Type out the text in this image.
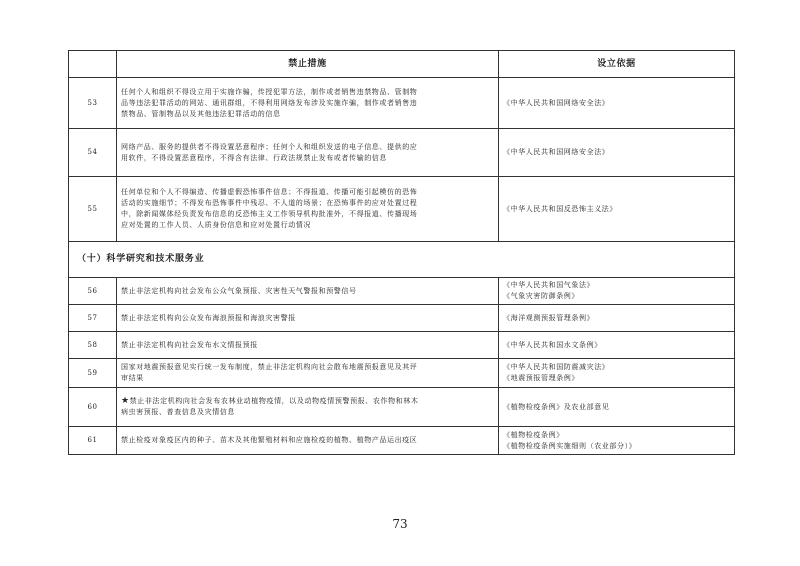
	禁止措施	设立依据
53	任何个人和组织不得设立用于实施诈骗，传授犯罪方法，制作或者销售违禁物品、管制物
品等违法犯罪活动的网站、通讯群组，不得利用网络发布涉及实施诈骗，制作或者销售违
禁物品、管制物品以及其他违法犯罪活动的信息	《中华人民共和国网络安全法》

54	网络产品、服务的提供者不得设置恶意程序；任何个人和组织发送的电子信息、提供的应
用软件，不得设置恶意程序，不得含有法律、行政法规禁止发布或者传输的信息	《中华人民共和国网络安全法》

55	任何单位和个人不得编造、传播虚假恐怖事件信息；不得报道、传播可能引起模仿的恐怖
活动的实施细节；不得发布恐怖事件中残忍、不人道的场景；在恐怖事件的应对处置过程
中，除新闻媒体经负责发布信息的反恐怖主义工作领导机构批准外，不得报道、传播现场
应对处置的工作人员、人质身份信息和应对处置行动情况	《中华人民共和国反恐怖主义法》

（十）科学研究和技术服务业		
56	禁止非法定机构向社会发布公众气象预报、灾害性天气警报和预警信号	《中华人民共和国气象法》
《气象灾害防御条例》

57	禁止非法定机构向公众发布海浪预报和海浪灾害警报	《海洋观测预报管理条例》

58	禁止非法定机构向社会发布水文情报预报	《中华人民共和国水文条例》

59	国家对地震预报意见实行统一发布制度，禁止非法定机构向社会散布地震预报意见及其评
审结果	《中华人民共和国防震减灾法》
《地震预报管理条例》

60	★禁止非法定机构向社会发布农林业动植物疫情，以及动物疫情预警预报、农作物和林木
病虫害预报、普查信息及灾情信息	《植物检疫条例》及农业部意见

61	禁止检疫对象疫区内的种子、苗木及其他繁殖材料和应施检疫的植物、植物产品运出疫区	《植物检疫条例》
《植物检疫条例实施细则（农业部分）》
73
